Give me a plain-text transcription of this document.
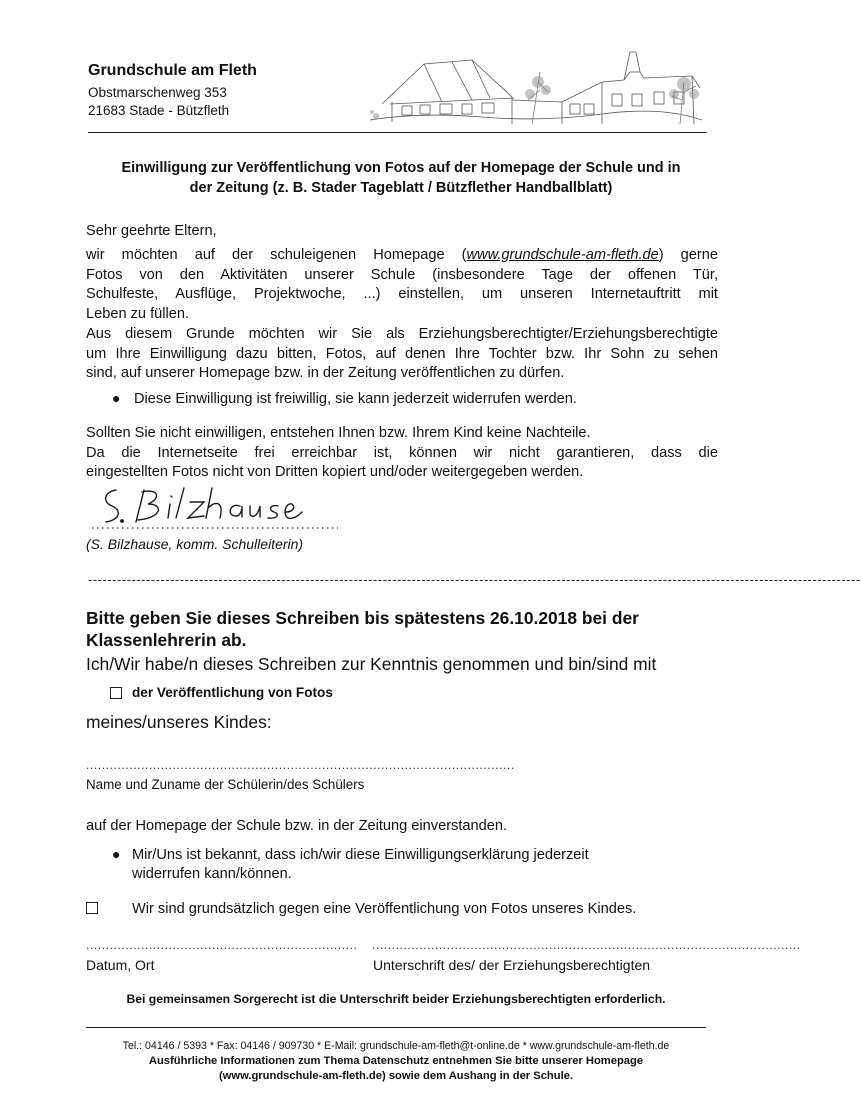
Grundschule am Fleth
Obstmarschenweg 353
21683 Stade - Bützfleth
Einwilligung zur Veröffentlichung von Fotos auf der Homepage der Schule und in
der Zeitung (z. B. Stader Tageblatt / Bützflether Handballblatt)
Sehr geehrte Eltern,
wir möchten auf der schuleigenen Homepage (www.grundschule-am-fleth.de) gerne
Fotos von den Aktivitäten unserer Schule (insbesondere Tage der offenen Tür,
Schulfeste, Ausflüge, Projektwoche, ...) einstellen, um unseren Internetauftritt mit
Leben zu füllen.
Aus diesem Grunde möchten wir Sie als Erziehungsberechtigter/Erziehungsberechtigte
um Ihre Einwilligung dazu bitten, Fotos, auf denen Ihre Tochter bzw. Ihr Sohn zu sehen
sind, auf unserer Homepage bzw. in der Zeitung veröffentlichen zu dürfen.
● Diese Einwilligung ist freiwillig, sie kann jederzeit widerrufen werden.
Sollten Sie nicht einwilligen, entstehen Ihnen bzw. Ihrem Kind keine Nachteile.
Da die Internetseite frei erreichbar ist, können wir nicht garantieren, dass die
eingestellten Fotos nicht von Dritten kopiert und/oder weitergegeben werden.
(S. Bilzhause, komm. Schulleiterin)
----------------------------------------------------------------------------------------------------------------------------------------------------------------
Bitte geben Sie dieses Schreiben bis spätestens 26.10.2018 bei der
Klassenlehrerin ab.
Ich/Wir habe/n dieses Schreiben zur Kenntnis genommen und bin/sind mit
der Veröffentlichung von Fotos
meines/unseres Kindes:
.............................................................................................................
Name und Zuname der Schülerin/des Schülers
auf der Homepage der Schule bzw. in der Zeitung einverstanden.
● Mir/Uns ist bekannt, dass ich/wir diese Einwilligungserklärung jederzeit
widerrufen kann/können.
Wir sind grundsätzlich gegen eine Veröffentlichung von Fotos unseres Kindes.
..................................................................... .............................................................................................................
Datum, Ort	Unterschrift des/ der Erziehungsberechtigten
Bei gemeinsamen Sorgerecht ist die Unterschrift beider Erziehungsberechtigten erforderlich.
Tel.: 04146 / 5393 * Fax: 04146 / 909730 * E-Mail: grundschule-am-fleth@t-online.de * www.grundschule-am-fleth.de
Ausführliche Informationen zum Thema Datenschutz entnehmen Sie bitte unserer Homepage
(www.grundschule-am-fleth.de) sowie dem Aushang in der Schule.
